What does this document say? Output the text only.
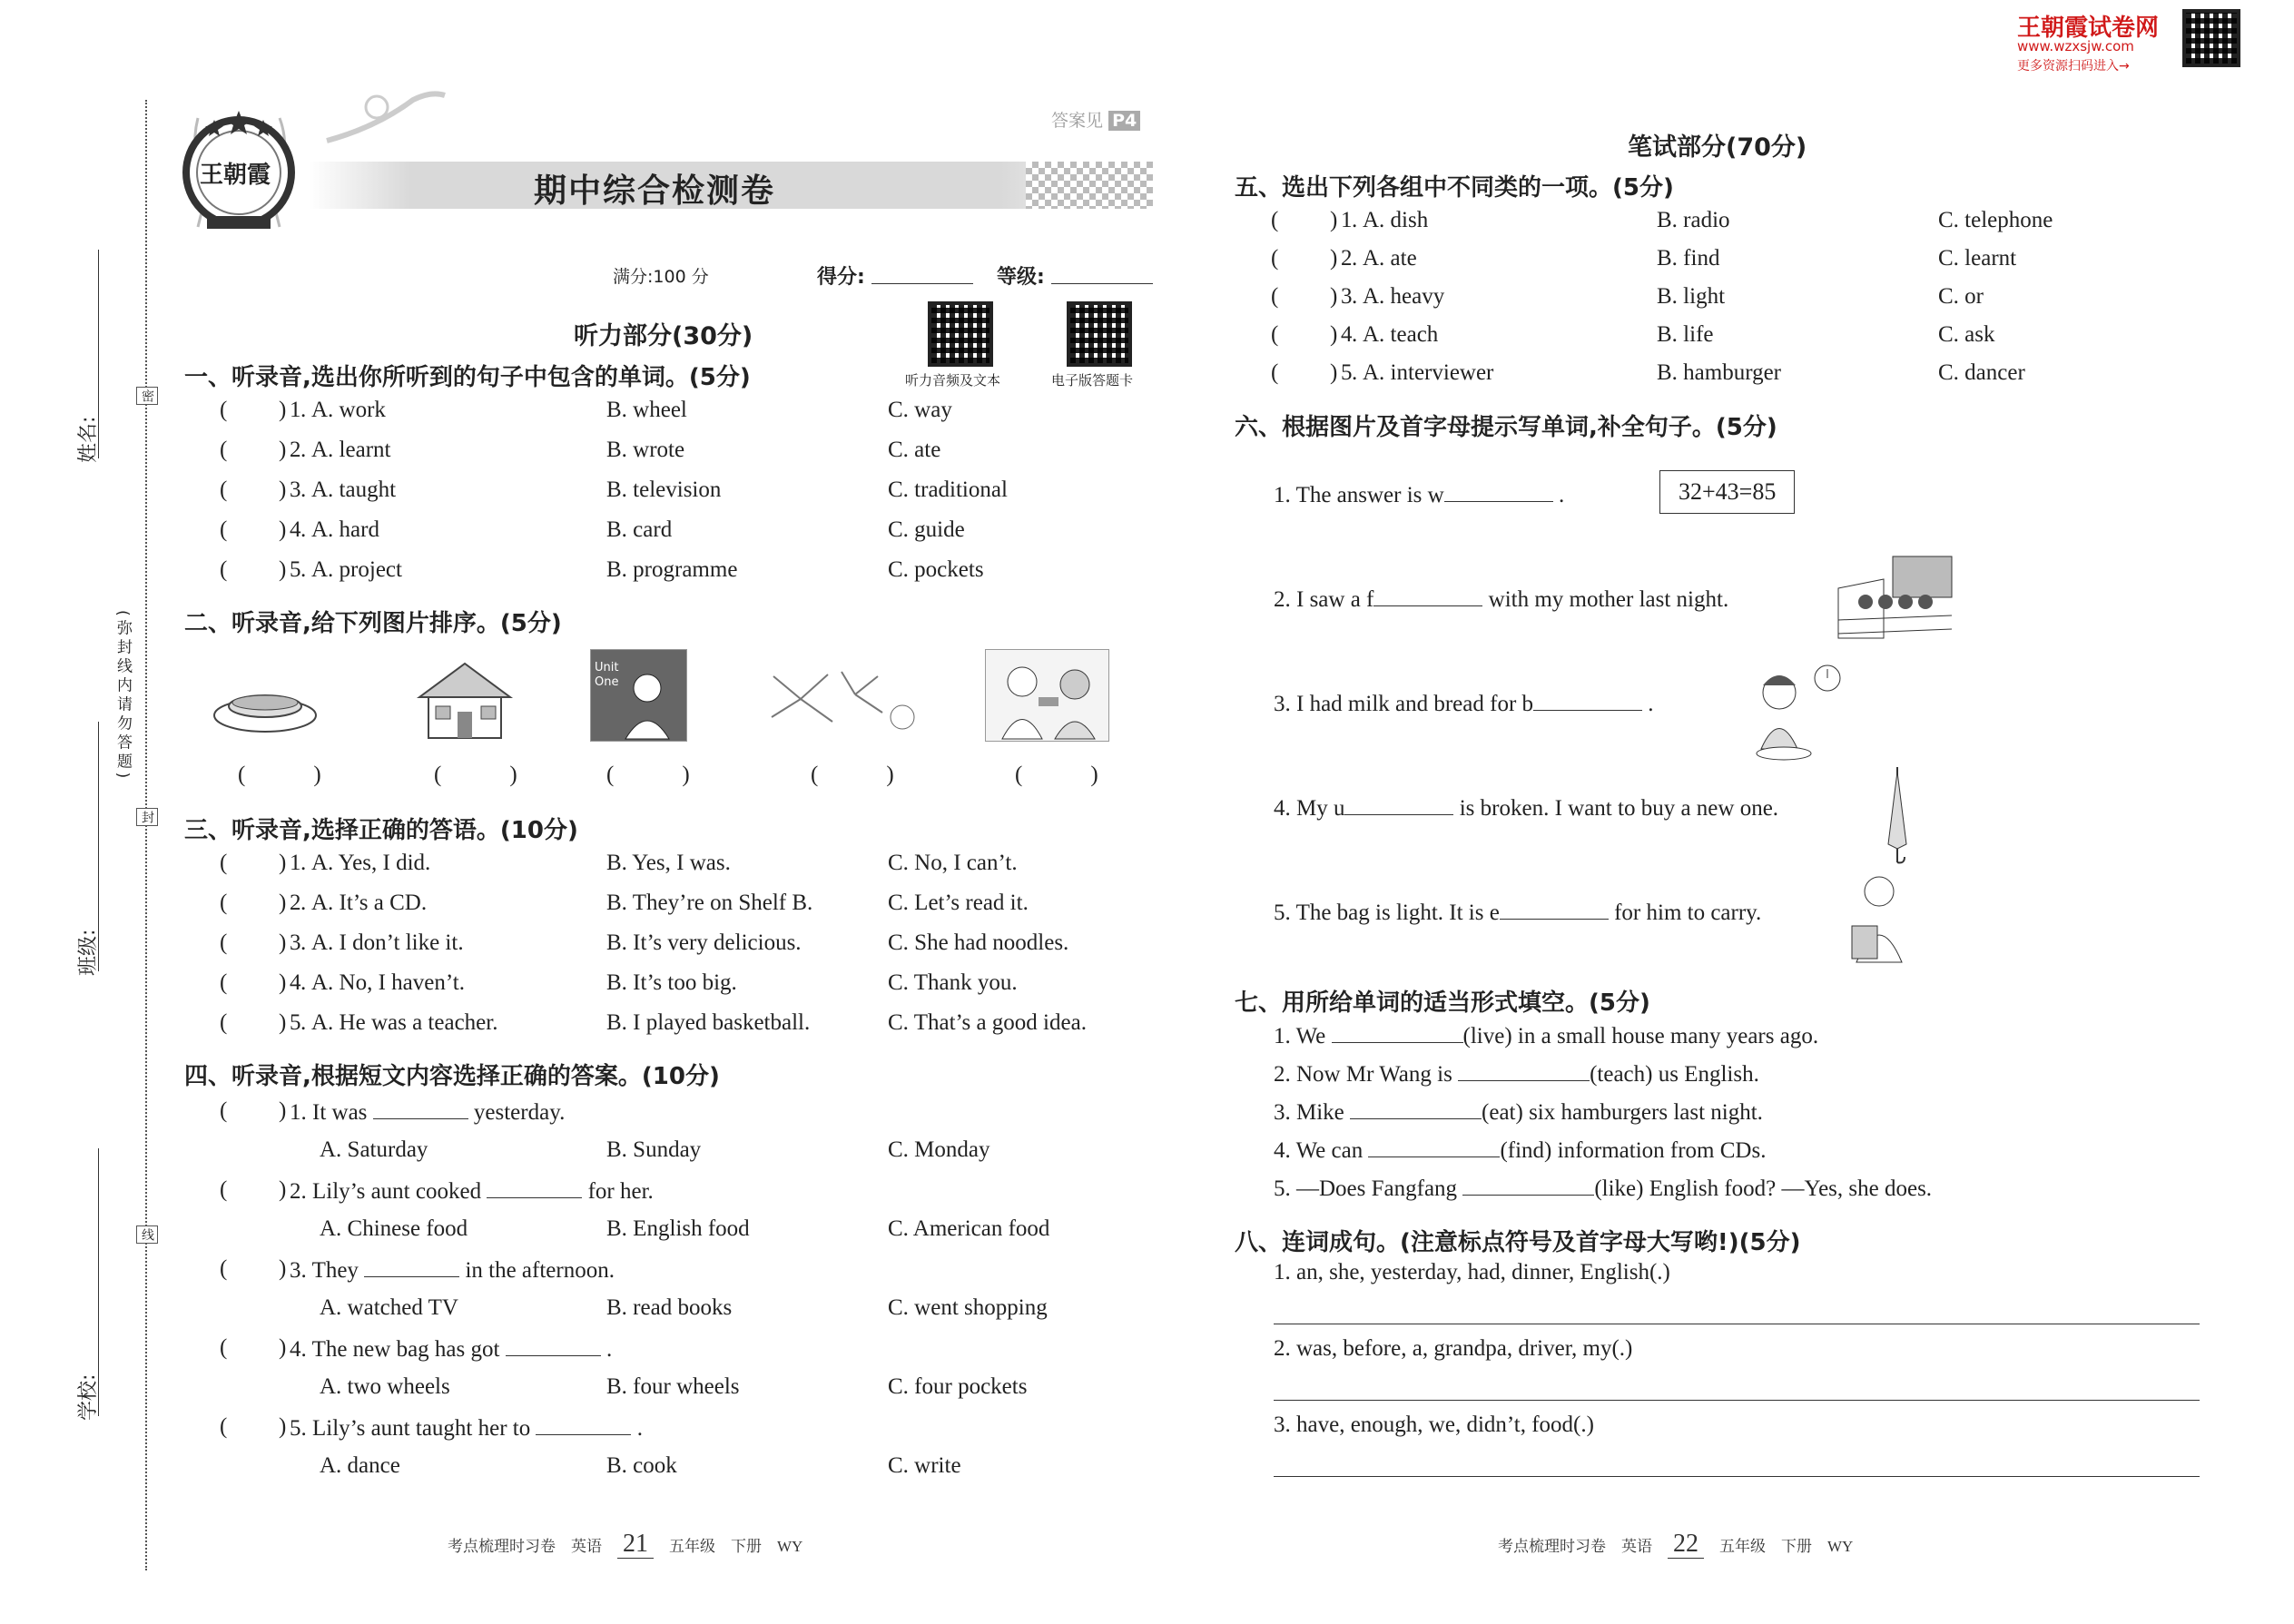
王朝霞试卷网
www.wzxsjw.com
更多资源扫码进入→
密
封
线
(弥封线内请勿答题)
姓名:
班级:
学校:
王朝霞
答案见 P4
期中综合检测卷
满分:100 分	得分:	等级:
听力音频及文本	电子版答题卡
听力部分(30分)
一、听录音,选出你所听到的句子中包含的单词。(5分)
( ) 1 . A. work	B. wheel	C. way
( ) 2 . A. learnt	B. wrote	C. ate
( ) 3 . A. taught	B. television	C. traditional
( ) 4 . A. hard	B. card	C. guide
( ) 5 . A. project	B. programme	C. pockets
二、听录音,给下列图片排序。(5分)
Unit One
(   )	(   )	(   )	(   )	(   )
三、听录音,选择正确的答语。(10分)
( ) 1 . A. Yes, I did.	B. Yes, I was.	C. No, I can’t.
( ) 2 . A. It’s a CD.	B. They’re on Shelf B.	C. Let’s read it.
( ) 3 . A. I don’t like it.	B. It’s very delicious.	C. She had noodles.
( ) 4 . A. No, I haven’t.	B. It’s too big.	C. Thank you.
( ) 5 . A. He was a teacher.	B. I played basketball.	C. That’s a good idea.
四、听录音,根据短文内容选择正确的答案。(10分)
( ) 1. It was	yesterday.
A. Saturday	B. Sunday	C. Monday
( ) 2. Lily’s aunt cooked	for her.
A. Chinese food	B. English food	C. American food
( ) 3. They	in the afternoon.
A. watched TV	B. read books	C. went shopping
( ) 4. The new bag has got	.
A. two wheels	B. four wheels	C. four pockets
( ) 5. Lily’s aunt taught her to	.
A. dance	B. cook	C. write
考点梳理时习卷 英语 21 五年级 下册 WY
笔试部分(70分)
五、选出下列各组中不同类的一项。(5分)
( ) 1 . A. dish	B. radio	C. telephone
( ) 2 . A. ate	B. find	C. learnt
( ) 3 . A. heavy	B. light	C. or
( ) 4 . A. teach	B. life	C. ask
( ) 5 . A. interviewer	B. hamburger	C. dancer
六、根据图片及首字母提示写单词,补全句子。(5分)
1. The answer is w	.
2. I saw a f	with my mother last night.
3. I had milk and bread for b	.
4. My u	is broken. I want to buy a new one.
5. The bag is light. It is e	for him to carry.
32+43=85
七、用所给单词的适当形式填空。(5分)
1. We	(live) in a small house many years ago.
2. Now Mr Wang is	(teach) us English.
3. Mike	(eat) six hamburgers last night.
4. We can	(find) information from CDs.
5. —Does Fangfang	(like) English food? —Yes, she does.
八、连词成句。(注意标点符号及首字母大写哟!)(5分)
1. an, she, yesterday, had, dinner, English(.)
2. was, before, a, grandpa, driver, my(.)
3. have, enough, we, didn’t, food(.)
考点梳理时习卷 英语 22 五年级 下册 WY
